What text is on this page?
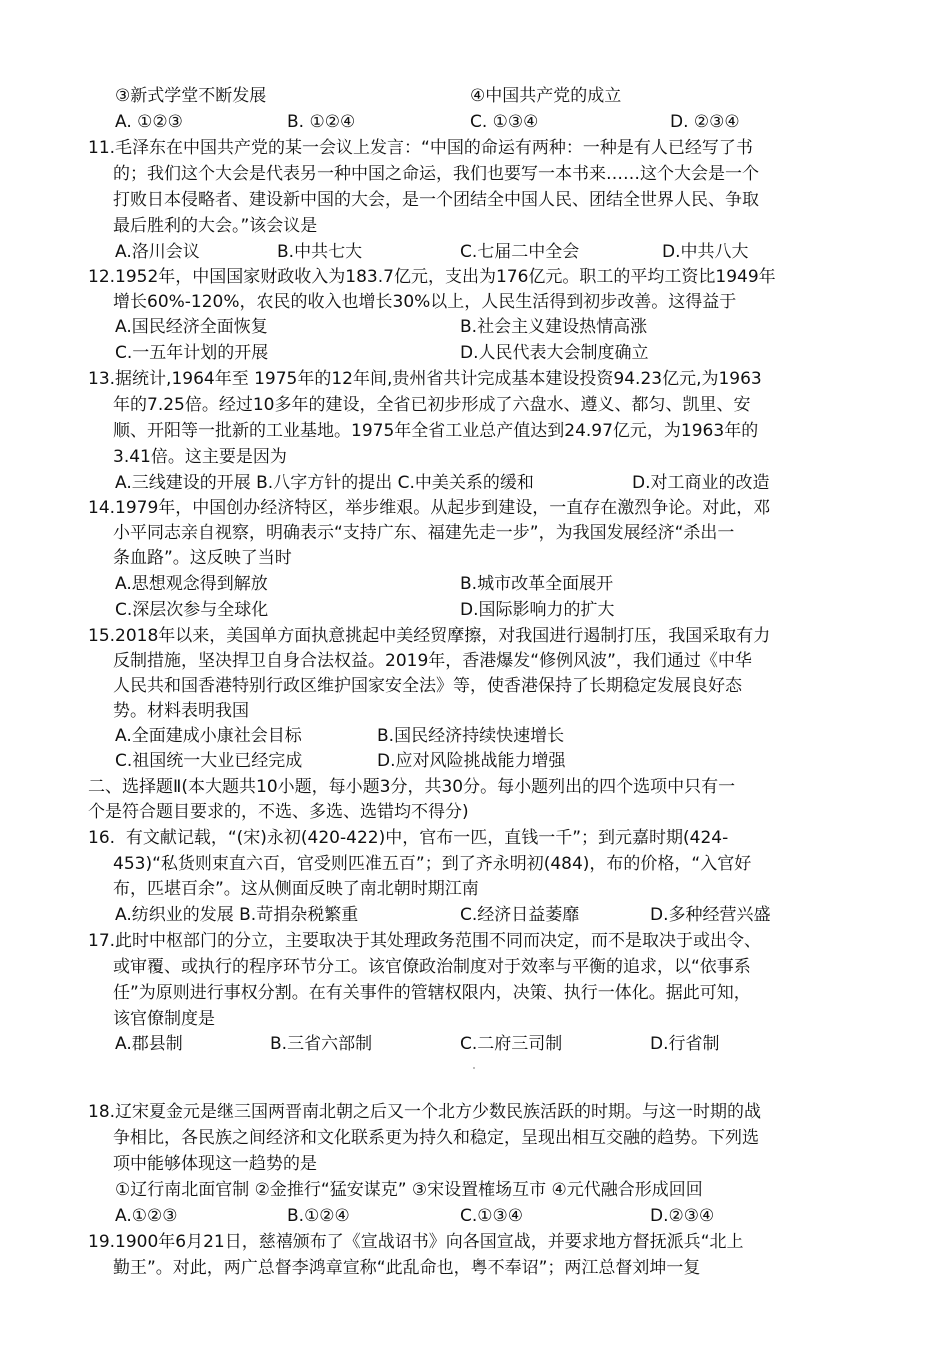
③新式学堂不断发展

	④中国共产党的成立

A. ①②③

	B. ①②④

	C. ①③④

	D. ②③④

11.毛泽东在中国共产党的某一会议上发言：“中国的命运有两种：一种是有人已经写了书
的；我们这个大会是代表另一种中国之命运，我们也要写一本书来……这个大会是一个
打败日本侵略者、建设新中国的大会，是一个团结全中国人民、团结全世界人民、争取
最后胜利的大会。”该会议是

A.洛川会议

	B.中共七大

	C.七届二中全会

	D.中共八大

12.1952年，中国国家财政收入为183.7亿元，支出为176亿元。职工的平均工资比1949年
增长60%-120%，农民的收入也增长30%以上，人民生活得到初步改善。这得益于

A.国民经济全面恢复

	B.社会主义建设热情高涨

C.一五年计划的开展

	D.人民代表大会制度确立

13.据统计,1964年至 1975年的12年间,贵州省共计完成基本建设投资94.23亿元,为1963
年的7.25倍。经过10多年的建设，全省已初步形成了六盘水、遵义、都匀、凯里、安
顺、开阳等一批新的工业基地。1975年全省工业总产值达到24.97亿元，为1963年的
3.41倍。这主要是因为

A.三线建设的开展 B.八字方针的提出 C.中美关系的缓和

	D.对工商业的改造

14.1979年，中国创办经济特区，举步维艰。从起步到建设，一直存在激烈争论。对此，邓
小平同志亲自视察，明确表示“支持广东、福建先走一步”，为我国发展经济“杀出一
条血路”。这反映了当时

A.思想观念得到解放

	B.城市改革全面展开

C.深层次参与全球化

	D.国际影响力的扩大

15.2018年以来，美国单方面执意挑起中美经贸摩擦，对我国进行遏制打压，我国采取有力
反制措施，坚决捍卫自身合法权益。2019年，香港爆发“修例风波”，我们通过《中华
人民共和国香港特别行政区维护国家安全法》等，使香港保持了长期稳定发展良好态
势。材料表明我国

A.全面建成小康社会目标

	B.国民经济持续快速增长

C.祖国统一大业已经完成

	D.应对风险挑战能力增强

二、选择题Ⅱ(本大题共10小题，每小题3分，共30分。每小题列出的四个选项中只有一
个是符合题目要求的，不选、多选、选错均不得分)
16.  有文献记载，“(宋)永初(420-422)中，官布一匹，直钱一千”；到元嘉时期(424-
453)“私货则束直六百，官受则匹准五百”；到了齐永明初(484)，布的价格，“入官好
布，匹堪百余”。这从侧面反映了南北朝时期江南

A.纺织业的发展 B.苛捐杂税繁重

	C.经济日益萎靡

	D.多种经营兴盛

17.此时中枢部门的分立，主要取决于其处理政务范围不同而决定，而不是取决于或出令、
或审覆、或执行的程序环节分工。该官僚政治制度对于效率与平衡的追求，以“依事系
任”为原则进行事权分割。在有关事件的管辖权限内，决策、执行一体化。据此可知，
该官僚制度是

A.郡县制

	B.三省六部制

	C.二府三司制

	D.行省制

18.辽宋夏金元是继三国两晋南北朝之后又一个北方少数民族活跃的时期。与这一时期的战
争相比，各民族之间经济和文化联系更为持久和稳定，呈现出相互交融的趋势。下列选
项中能够体现这一趋势的是

①辽行南北面官制 ②金推行“猛安谋克” ③宋设置榷场互市 ④元代融合形成回回

A.①②③

	B.①②④

	C.①③④

	D.②③④

19.1900年6月21日，慈禧颁布了《宣战诏书》向各国宣战，并要求地方督抚派兵“北上
勤王”。对此，两广总督李鸿章宣称“此乱命也，粤不奉诏”；两江总督刘坤一复
